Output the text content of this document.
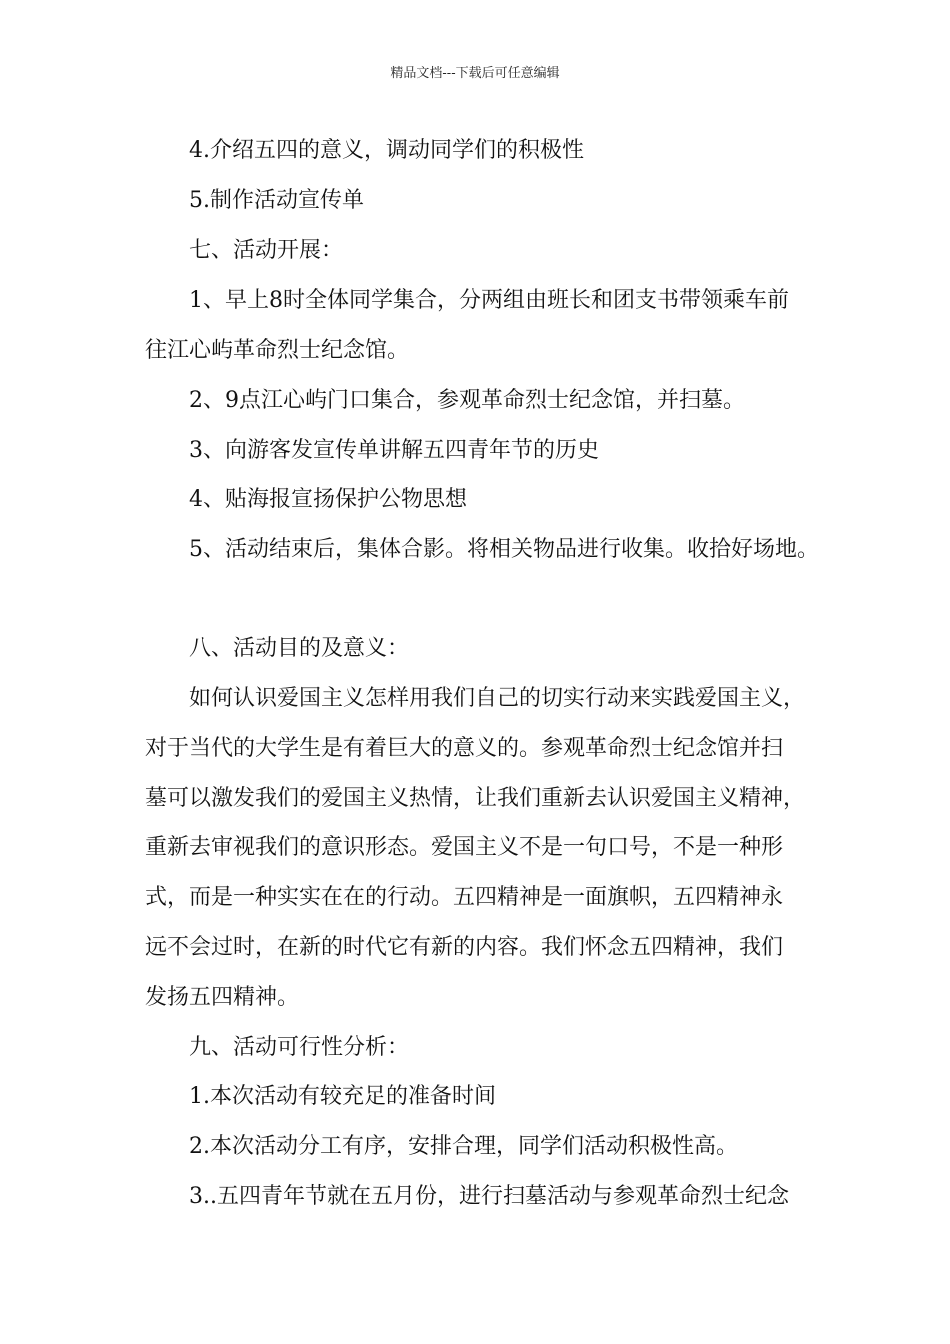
精品文档---下载后可任意编辑
4.介绍五四的意义，调动同学们的积极性
5.制作活动宣传单
七、活动开展：
1、早上8时全体同学集合，分两组由班长和团支书带领乘车前
往江心屿革命烈士纪念馆。
2、9点江心屿门口集合，参观革命烈士纪念馆，并扫墓。
3、向游客发宣传单讲解五四青年节的历史
4、贴海报宣扬保护公物思想
5、活动结束后，集体合影。将相关物品进行收集。收拾好场地。
八、活动目的及意义：
如何认识爱国主义怎样用我们自己的切实行动来实践爱国主义，
对于当代的大学生是有着巨大的意义的。参观革命烈士纪念馆并扫
墓可以激发我们的爱国主义热情，让我们重新去认识爱国主义精神，
重新去审视我们的意识形态。爱国主义不是一句口号，不是一种形
式，而是一种实实在在的行动。五四精神是一面旗帜，五四精神永
远不会过时，在新的时代它有新的内容。我们怀念五四精神，我们
发扬五四精神。
九、活动可行性分析：
1.本次活动有较充足的准备时间
2.本次活动分工有序，安排合理，同学们活动积极性高。
3..五四青年节就在五月份，进行扫墓活动与参观革命烈士纪念
